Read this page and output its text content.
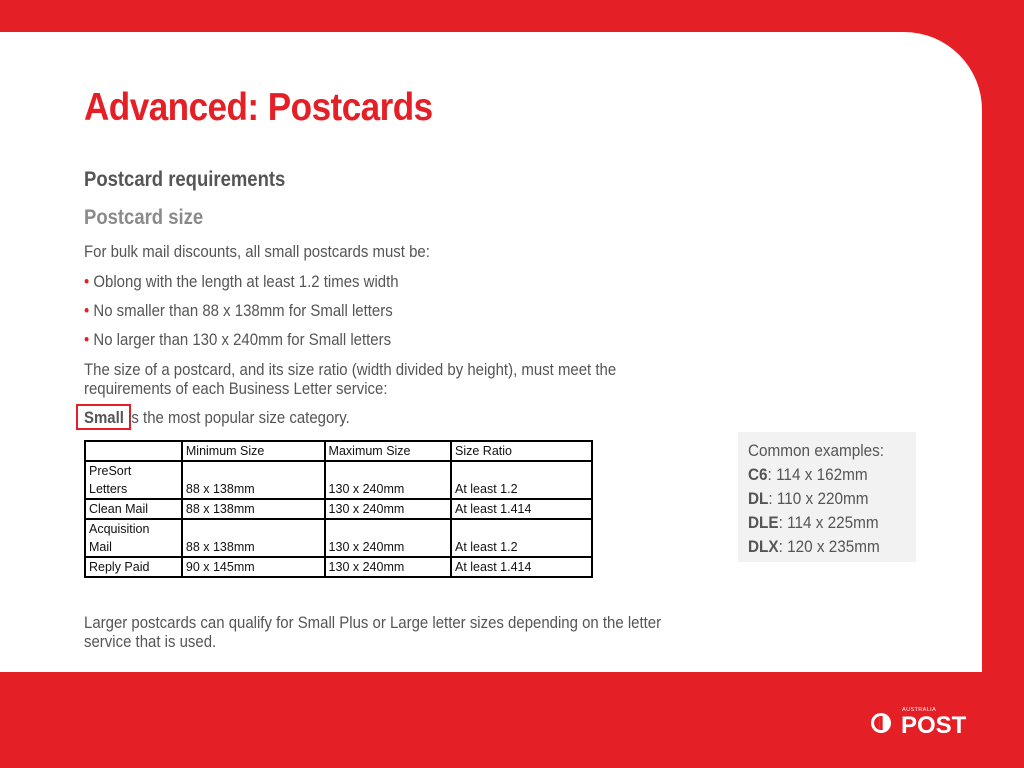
Advanced: Postcards
Postcard requirements
Postcard size

For bulk mail discounts, all small postcards must be:

• Oblong with the length at least 1.2 times width

• No smaller than 88 x 138mm for Small letters

• No larger than 130 x 240mm for Small letters

The size of a postcard, and its size ratio (width divided by height), must meet the

requirements of each Business Letter service:

Small is the most popular size category.

	Minimum Size	Maximum Size	Size Ratio

PreSort
Letters	88 x 138mm	130 x 240mm	At least 1.2
Clean Mail	88 x 138mm	130 x 240mm	At least 1.414

Acquisition
Mail	88 x 138mm	130 x 240mm	At least 1.2
Reply Paid	90 x 145mm	130 x 240mm	At least 1.414
Common examples:
C6: 114 x 162mm
DL: 110 x 220mm
DLE: 114 x 225mm
DLX: 120 x 235mm

Larger postcards can qualify for Small Plus or Large letter sizes depending on the letter

service that is used.

AUSTRALIA
POST
